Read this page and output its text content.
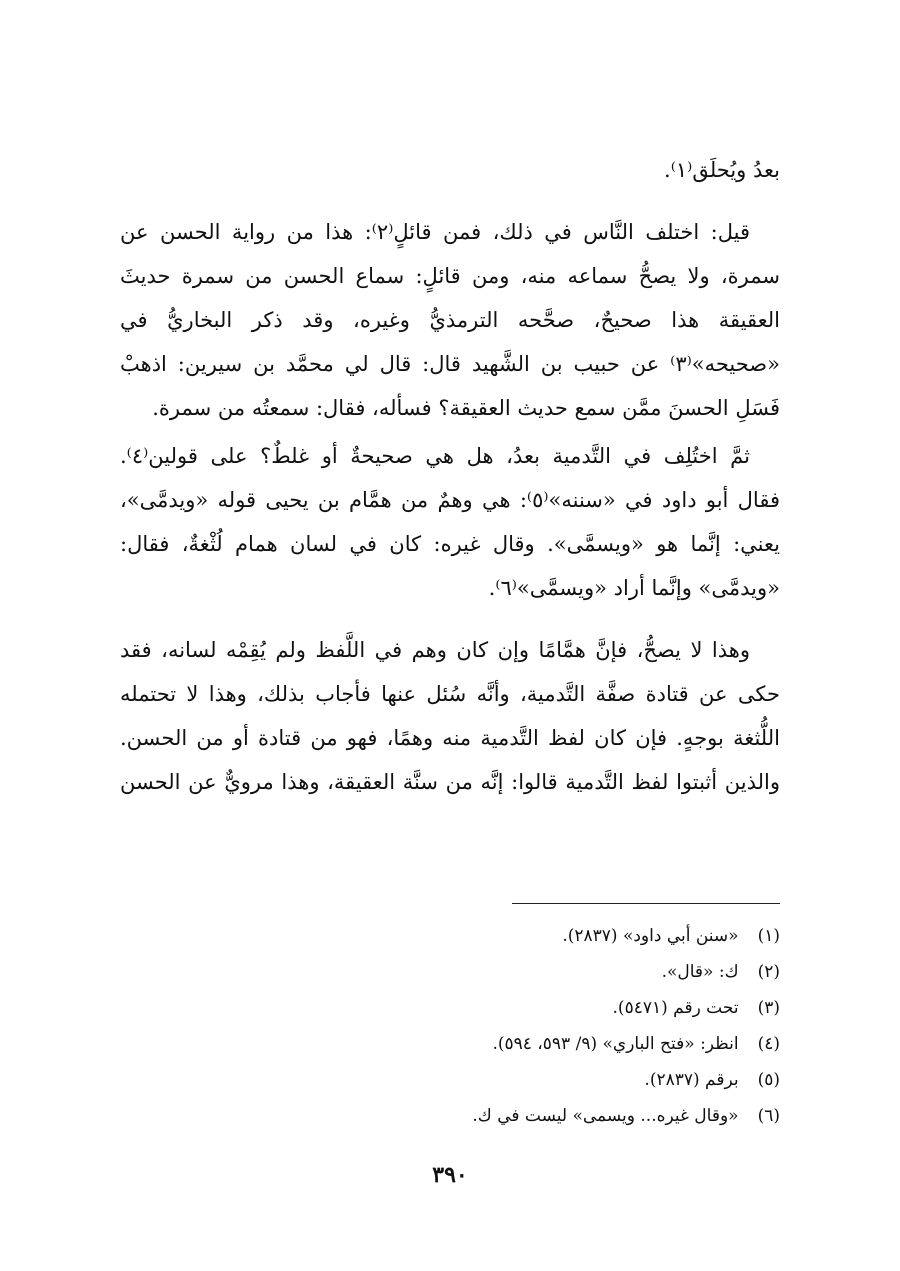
بعدُ ويُحلَق⁽١⁾.
قيل: اختلف النَّاس في ذلك، فمن قائلٍ⁽٢⁾: هذا من رواية الحسن عن
سمرة، ولا يصحُّ سماعه منه، ومن قائلٍ: سماع الحسن من سمرة حديثَ
العقيقة هذا صحيحٌ، صحَّحه الترمذيُّ وغيره، وقد ذكر البخاريُّ في
«صحيحه»⁽٣⁾ عن حبيب بن الشَّهيد قال: قال لي محمَّد بن سيرين: اذهبْ
فَسَلِ الحسنَ ممَّن سمع حديث العقيقة؟ فسأله، فقال: سمعتُه من سمرة.
ثمَّ اختُلِف في التَّدمية بعدُ، هل هي صحيحةٌ أو غلطٌ؟ على قولين⁽٤⁾.
فقال أبو داود في «سننه»⁽٥⁾: هي وهمٌ من همَّام بن يحيى قوله «ويدمَّى»،
يعني: إنَّما هو «ويسمَّى». وقال غيره: كان في لسان همام لُثْغةٌ، فقال:
«ويدمَّى» وإنَّما أراد «ويسمَّى»⁽٦⁾.
وهذا لا يصحُّ، فإنَّ همَّامًا وإن كان وهم في اللَّفظ ولم يُقِمْه لسانه، فقد
حكى عن قتادة صفَّة التَّدمية، وأنَّه سُئل عنها فأجاب بذلك، وهذا لا تحتمله
اللُّثغة بوجهٍ. فإن كان لفظ التَّدمية منه وهمًا، فهو من قتادة أو من الحسن.
والذين أثبتوا لفظ التَّدمية قالوا: إنَّه من سنَّة العقيقة، وهذا مرويٌّ عن الحسن
(١) «سنن أبي داود» (٢٨٣٧).
(٢) ك: «قال».
(٣) تحت رقم (٥٤٧١).
(٤) انظر: «فتح الباري» (٩/ ٥٩٣، ٥٩٤).
(٥) برقم (٢٨٣٧).
(٦) «وقال غيره... ويسمى» ليست في ك.
٣٩٠
